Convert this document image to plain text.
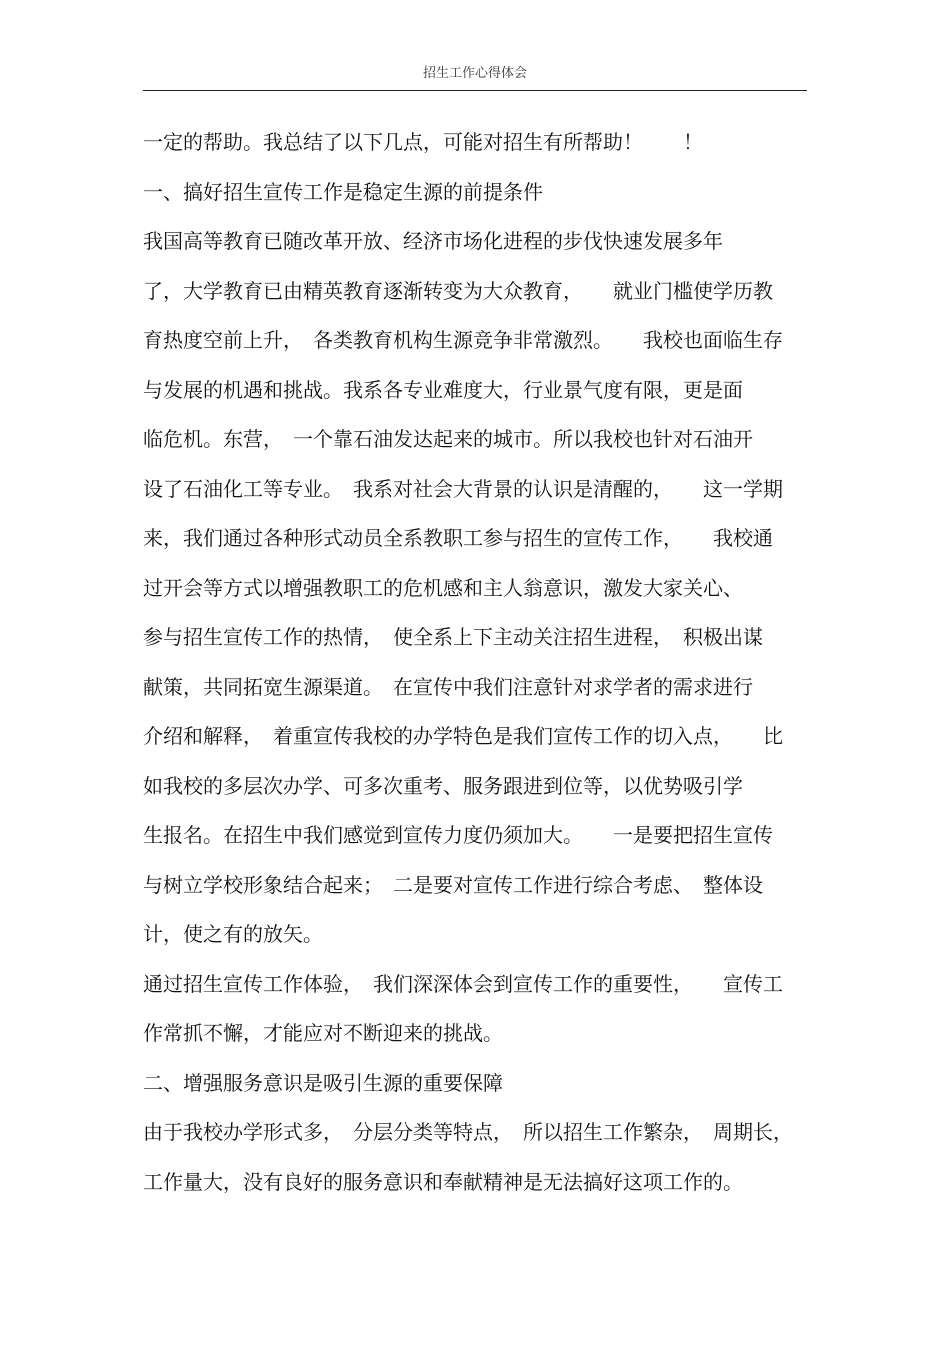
招生工作心得体会
一定的帮助。我总结了以下几点，可能对招生有所帮助！　　！
一、搞好招生宣传工作是稳定生源的前提条件
我国高等教育已随改革开放、经济市场化进程的步伐快速发展多年
了，大学教育已由精英教育逐渐转变为大众教育，　　就业门槛使学历教
育热度空前上升，　各类教育机构生源竞争非常激烈。　　我校也面临生存
与发展的机遇和挑战。我系各专业难度大，行业景气度有限，更是面
临危机。东营，　一个靠石油发达起来的城市。所以我校也针对石油开
设了石油化工等专业。　我系对社会大背景的认识是清醒的，　　这一学期
来，我们通过各种形式动员全系教职工参与招生的宣传工作，　　我校通
过开会等方式以增强教职工的危机感和主人翁意识，激发大家关心、
参与招生宣传工作的热情，　使全系上下主动关注招生进程，　积极出谋
献策，共同拓宽生源渠道。　在宣传中我们注意针对求学者的需求进行
介绍和解释，　着重宣传我校的办学特色是我们宣传工作的切入点，　　比
如我校的多层次办学、可多次重考、服务跟进到位等，以优势吸引学
生报名。在招生中我们感觉到宣传力度仍须加大。　　一是要把招生宣传
与树立学校形象结合起来；　二是要对宣传工作进行综合考虑、　整体设
计，使之有的放矢。
通过招生宣传工作体验，　我们深深体会到宣传工作的重要性，　　宣传工
作常抓不懈，才能应对不断迎来的挑战。
二、增强服务意识是吸引生源的重要保障
由于我校办学形式多，　分层分类等特点，　所以招生工作繁杂，　周期长，
工作量大，没有良好的服务意识和奉献精神是无法搞好这项工作的。
